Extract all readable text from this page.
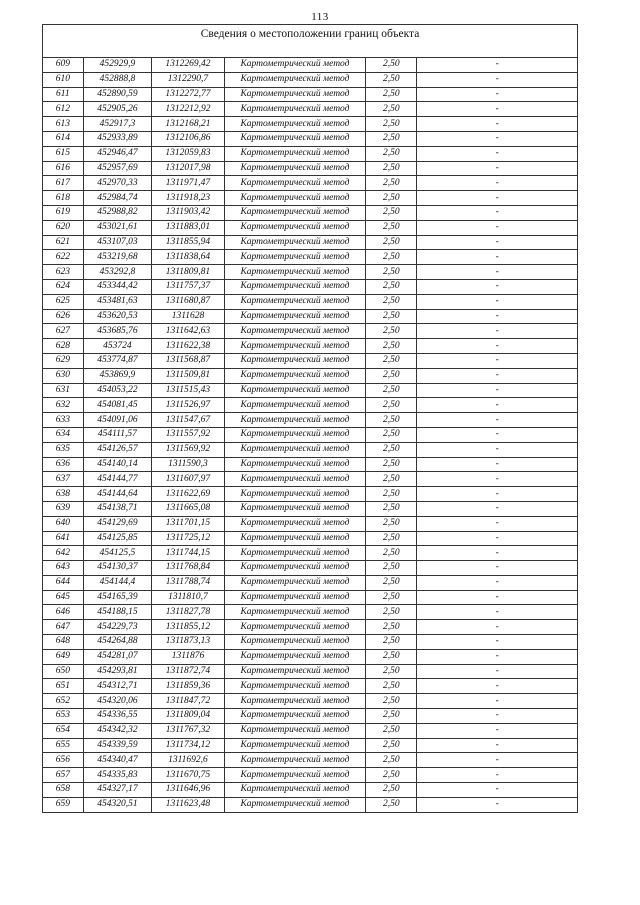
113
Сведения о местоположении границ объекта					

609	452929,9	1312269,42	Картометрический метод	2,50	-
610	452888,8	1312290,7	Картометрический метод	2,50	-
611	452890,59	1312272,77	Картометрический метод	2,50	-
612	452905,26	1312212,92	Картометрический метод	2,50	-
613	452917,3	1312168,21	Картометрический метод	2,50	-
614	452933,89	1312106,86	Картометрический метод	2,50	-
615	452946,47	1312059,83	Картометрический метод	2,50	-
616	452957,69	1312017,98	Картометрический метод	2,50	-
617	452970,33	1311971,47	Картометрический метод	2,50	-
618	452984,74	1311918,23	Картометрический метод	2,50	-
619	452988,82	1311903,42	Картометрический метод	2,50	-
620	453021,61	1311883,01	Картометрический метод	2,50	-
621	453107,03	1311855,94	Картометрический метод	2,50	-
622	453219,68	1311838,64	Картометрический метод	2,50	-
623	453292,8	1311809,81	Картометрический метод	2,50	-
624	453344,42	1311757,37	Картометрический метод	2,50	-
625	453481,63	1311680,87	Картометрический метод	2,50	-
626	453620,53	1311628	Картометрический метод	2,50	-
627	453685,76	1311642,63	Картометрический метод	2,50	-
628	453724	1311622,38	Картометрический метод	2,50	-
629	453774,87	1311568,87	Картометрический метод	2,50	-
630	453869,9	1311509,81	Картометрический метод	2,50	-
631	454053,22	1311515,43	Картометрический метод	2,50	-
632	454081,45	1311526,97	Картометрический метод	2,50	-
633	454091,06	1311547,67	Картометрический метод	2,50	-
634	454111,57	1311557,92	Картометрический метод	2,50	-
635	454126,57	1311569,92	Картометрический метод	2,50	-
636	454140,14	1311590,3	Картометрический метод	2,50	-
637	454144,77	1311607,97	Картометрический метод	2,50	-
638	454144,64	1311622,69	Картометрический метод	2,50	-
639	454138,71	1311665,08	Картометрический метод	2,50	-
640	454129,69	1311701,15	Картометрический метод	2,50	-
641	454125,85	1311725,12	Картометрический метод	2,50	-
642	454125,5	1311744,15	Картометрический метод	2,50	-
643	454130,37	1311768,84	Картометрический метод	2,50	-
644	454144,4	1311788,74	Картометрический метод	2,50	-
645	454165,39	1311810,7	Картометрический метод	2,50	-
646	454188,15	1311827,78	Картометрический метод	2,50	-
647	454229,73	1311855,12	Картометрический метод	2,50	-
648	454264,88	1311873,13	Картометрический метод	2,50	-
649	454281,07	1311876	Картометрический метод	2,50	-
650	454293,81	1311872,74	Картометрический метод	2,50	-
651	454312,71	1311859,36	Картометрический метод	2,50	-
652	454320,06	1311847,72	Картометрический метод	2,50	-
653	454336,55	1311809,04	Картометрический метод	2,50	-
654	454342,32	1311767,32	Картометрический метод	2,50	-
655	454339,59	1311734,12	Картометрический метод	2,50	-
656	454340,47	1311692,6	Картометрический метод	2,50	-
657	454335,83	1311670,75	Картометрический метод	2,50	-
658	454327,17	1311646,96	Картометрический метод	2,50	-
659	454320,51	1311623,48	Картометрический метод	2,50	-
